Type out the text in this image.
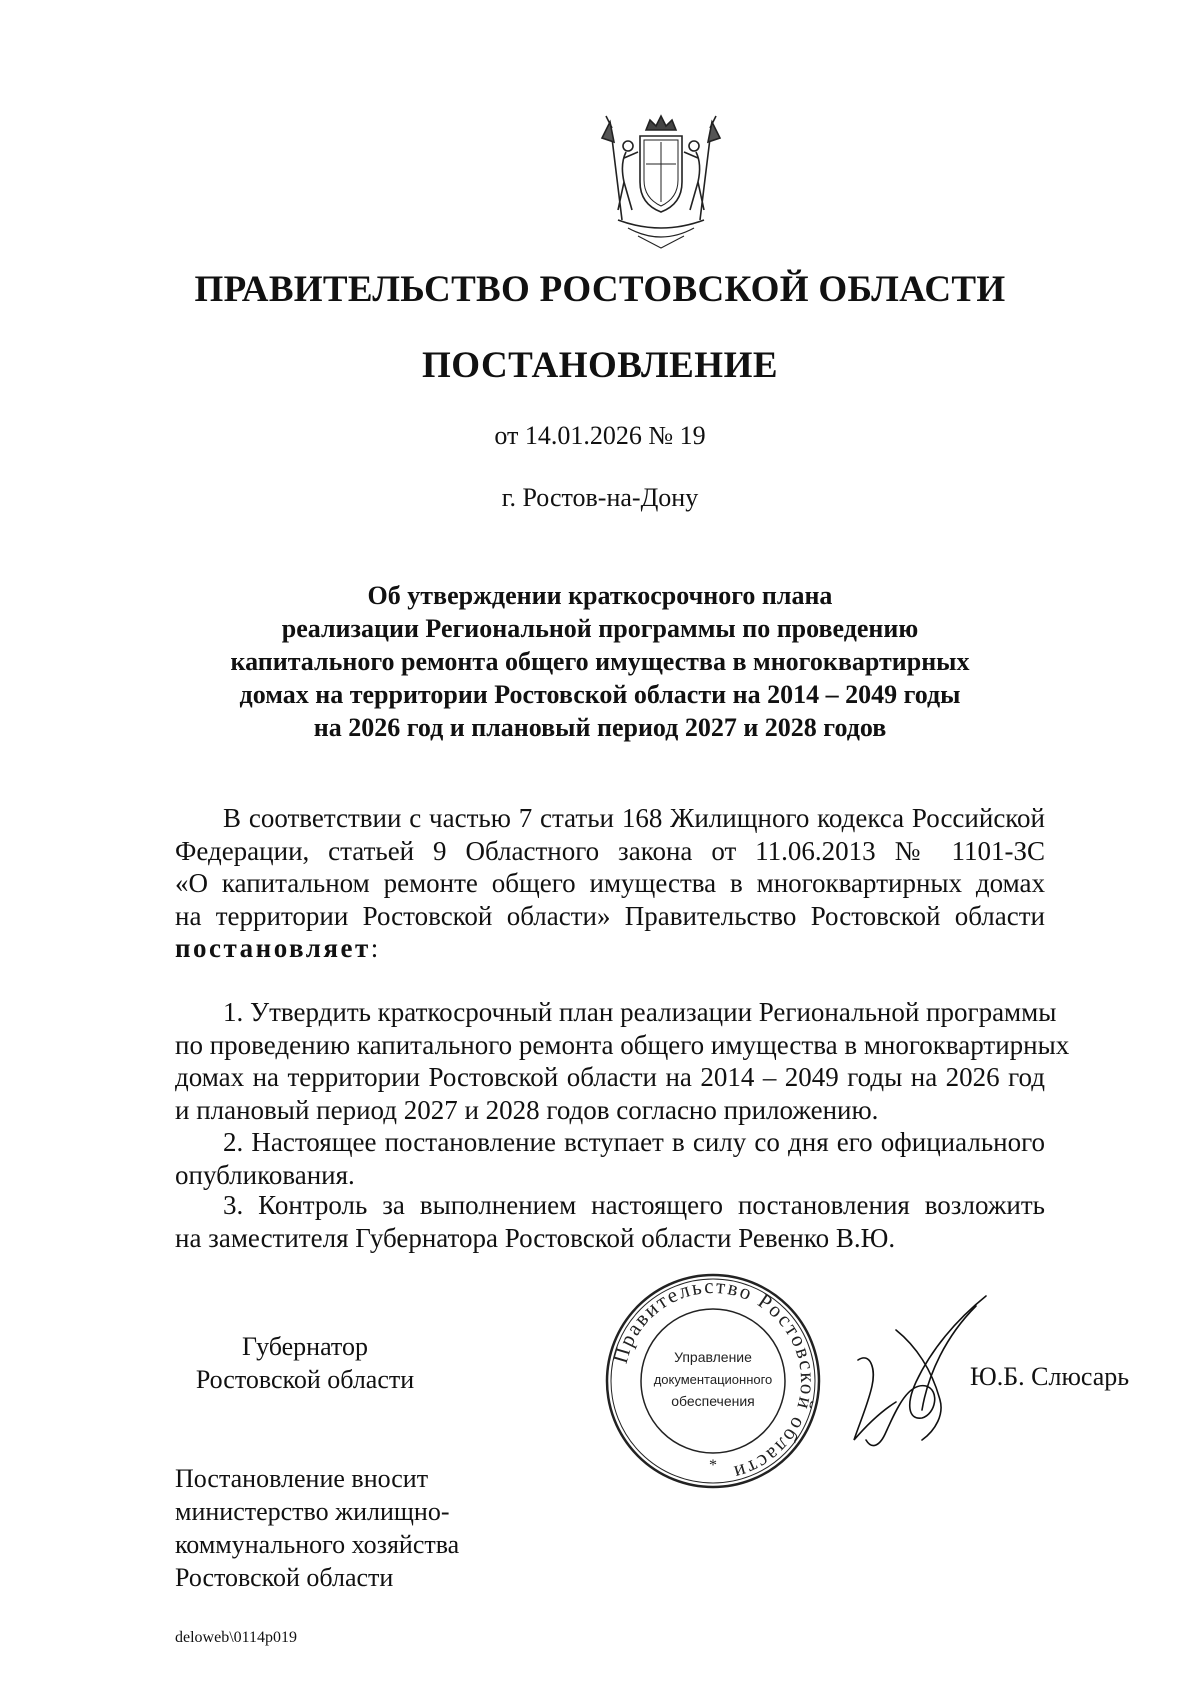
ПРАВИТЕЛЬСТВО РОСТОВСКОЙ ОБЛАСТИ
ПОСТАНОВЛЕНИЕ
от 14.01.2026 № 19
г. Ростов-на-Дону
Об утверждении краткосрочного плана
реализации Региональной программы по проведению
капитального ремонта общего имущества в многоквартирных
домах на территории Ростовской области на 2014 – 2049 годы
на 2026 год и плановый период 2027 и 2028 годов
В соответствии с частью 7 статьи 168 Жилищного кодекса Российской
Федерации, статьей 9 Областного закона от 11.06.2013 № 1101-ЗС
«О капитальном ремонте общего имущества в многоквартирных домах
на территории Ростовской области» Правительство Ростовской области
постановляет:
1. Утвердить краткосрочный план реализации Региональной программы
по проведению капитального ремонта общего имущества в многоквартирных
домах на территории Ростовской области на 2014 – 2049 годы на 2026 год
и плановый период 2027 и 2028 годов согласно приложению.
2. Настоящее постановление вступает в силу со дня его официального
опубликования.
3. Контроль за выполнением настоящего постановления возложить
на заместителя Губернатора Ростовской области Ревенко В.Ю.
Губернатор
Ростовской области
Правительство Ростовской области
Управление
документационного
обеспечения
*
Ю.Б. Слюсарь
Постановление вносит
министерство жилищно-
коммунального хозяйства
Ростовской области
deloweb\0114p019
